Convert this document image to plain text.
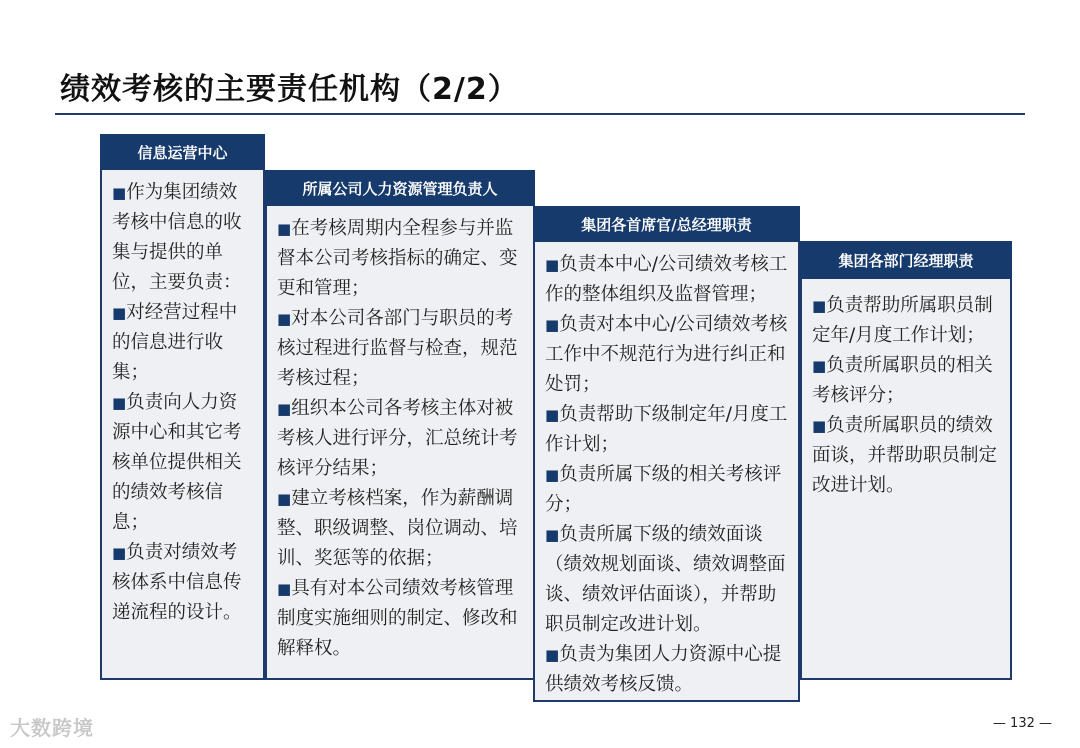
绩效考核的主要责任机构（2/2）
信息运营中心

■作为集团绩效考核中信息的收集与提供的单位，主要负责：

■对经营过程中的信息进行收集；

■负责向人力资源中心和其它考核单位提供相关的绩效考核信息；

■负责对绩效考核体系中信息传递流程的设计。

所属公司人力资源管理负责人

■在考核周期内全程参与并监督本公司考核指标的确定、变更和管理；

■对本公司各部门与职员的考核过程进行监督与检查，规范考核过程；

■组织本公司各考核主体对被考核人进行评分，汇总统计考核评分结果；

■建立考核档案，作为薪酬调整、职级调整、岗位调动、培训、奖惩等的依据；

■具有对本公司绩效考核管理制度实施细则的制定、修改和解释权。

集团各首席官/总经理职责

■负责本中心/公司绩效考核工作的整体组织及监督管理；

■负责对本中心/公司绩效考核工作中不规范行为进行纠正和处罚；

■负责帮助下级制定年/月度工作计划；

■负责所属下级的相关考核评分；

■负责所属下级的绩效面谈（绩效规划面谈、绩效调整面谈、绩效评估面谈），并帮助职员制定改进计划。

■负责为集团人力资源中心提供绩效考核反馈。

集团各部门经理职责

■负责帮助所属职员制定年/月度工作计划；

■负责所属职员的相关考核评分；

■负责所属职员的绩效面谈，并帮助职员制定改进计划。

大数跨境	— 132 —
